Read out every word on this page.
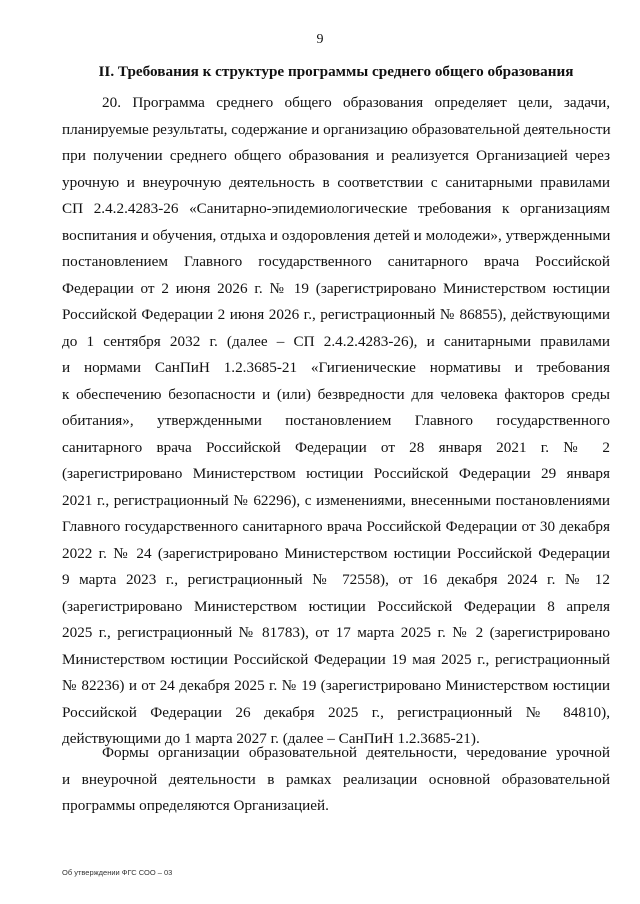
9
II. Требования к структуре программы среднего общего образования
20. Программа среднего общего образования определяет цели, задачи,
планируемые результаты, содержание и организацию образовательной деятельности
при получении среднего общего образования и реализуется Организацией через
урочную и внеурочную деятельность в соответствии с санитарными правилами
СП 2.4.2.4283-26 «Санитарно-эпидемиологические требования к организациям
воспитания и обучения, отдыха и оздоровления детей и молодежи», утвержденными
постановлением Главного государственного санитарного врача Российской
Федерации от 2 июня 2026 г. № 19 (зарегистрировано Министерством юстиции
Российской Федерации 2 июня 2026 г., регистрационный № 86855), действующими
до 1 сентября 2032 г. (далее – СП 2.4.2.4283-26), и санитарными правилами
и нормами СанПиН 1.2.3685-21 «Гигиенические нормативы и требования
к обеспечению безопасности и (или) безвредности для человека факторов среды
обитания», утвержденными постановлением Главного государственного
санитарного врача Российской Федерации от 28 января 2021 г. № 2
(зарегистрировано Министерством юстиции Российской Федерации 29 января
2021 г., регистрационный № 62296), с изменениями, внесенными постановлениями
Главного государственного санитарного врача Российской Федерации от 30 декабря
2022 г. № 24 (зарегистрировано Министерством юстиции Российской Федерации
9 марта 2023 г., регистрационный № 72558), от 16 декабря 2024 г. № 12
(зарегистрировано Министерством юстиции Российской Федерации 8 апреля
2025 г., регистрационный № 81783), от 17 марта 2025 г. № 2 (зарегистрировано
Министерством юстиции Российской Федерации 19 мая 2025 г., регистрационный
№ 82236) и от 24 декабря 2025 г. № 19 (зарегистрировано Министерством юстиции
Российской Федерации 26 декабря 2025 г., регистрационный № 84810),
действующими до 1 марта 2027 г. (далее – СанПиН 1.2.3685-21).
Формы организации образовательной деятельности, чередование урочной
и внеурочной деятельности в рамках реализации основной образовательной
программы определяются Организацией.
Об утверждении ФГС СОО – 03
